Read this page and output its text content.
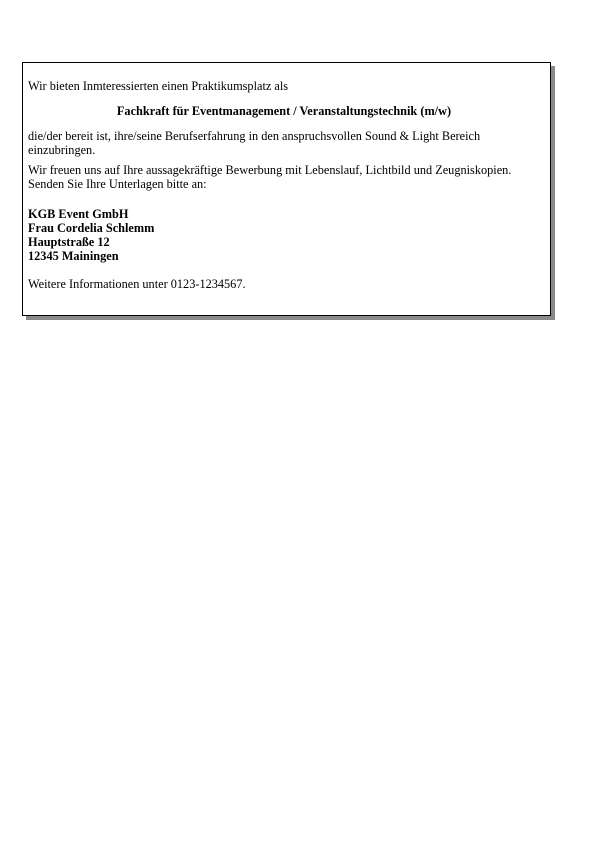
Wir bieten Inmteressierten einen Praktikumsplatz als

Fachkraft für Eventmanagement / Veranstaltungstechnik (m/w)

die/der bereit ist, ihre/seine Berufserfahrung in den anspruchsvollen Sound & Light Bereich einzubringen.

Wir freuen uns auf Ihre aussagekräftige Bewerbung mit Lebenslauf, Lichtbild und Zeugniskopien. Senden Sie Ihre Unterlagen bitte an:

KGB Event GmbH
Frau Cordelia Schlemm
Hauptstraße 12
12345 Mainingen

Weitere Informationen unter 0123-1234567.
